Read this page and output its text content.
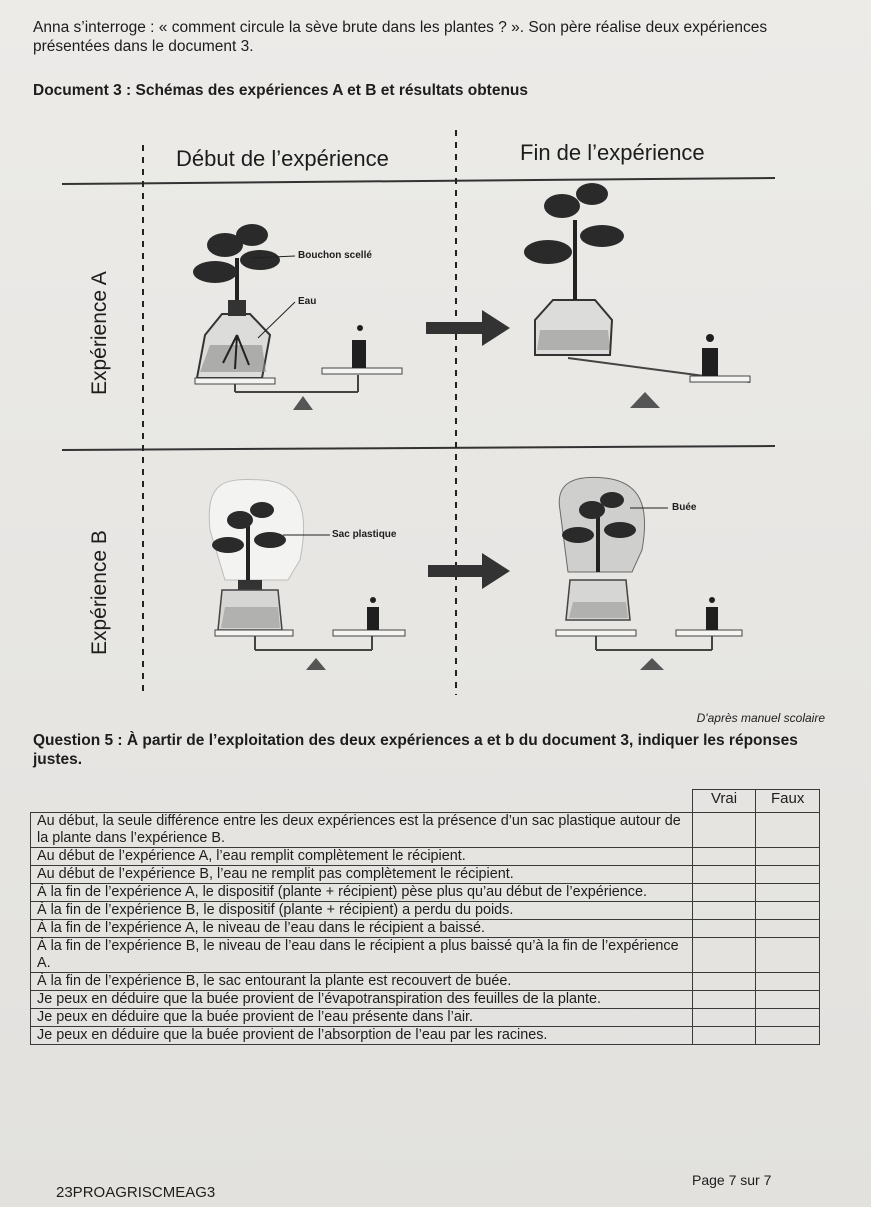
Anna s’interroge : « comment circule la sève brute dans les plantes ? ». Son père réalise deux expériences présentées dans le document 3.
Document 3 : Schémas des expériences A et B et résultats obtenus
Début de l’expérience	Fin de l’expérience
Expérience A
Expérience B
Bouchon scellé
Eau
Sac plastique
Buée
D'après manuel scolaire
Question 5 : À partir de l’exploitation des deux expériences a et b du document 3, indiquer les réponses justes.
	Vrai	Faux
Au début, la seule différence entre les deux expériences est la présence d’un sac plastique autour de la plante dans l’expérience B.		
Au début de l’expérience A, l’eau remplit complètement le récipient.		
Au début de l’expérience B, l’eau ne remplit pas complètement le récipient.		
À la fin de l’expérience A, le dispositif (plante + récipient) pèse plus qu’au début de l’expérience.		
À la fin de l’expérience B, le dispositif (plante + récipient) a perdu du poids.		
À la fin de l’expérience A, le niveau de l’eau dans le récipient a baissé.		
À la fin de l’expérience B, le niveau de l’eau dans le récipient a plus baissé qu’à la fin de l’expérience A.		
À la fin de l’expérience B, le sac entourant la plante est recouvert de buée.		
Je peux en déduire que la buée provient de l’évapotranspiration des feuilles de la plante.		
Je peux en déduire que la buée provient de l’eau présente dans l’air.		
Je peux en déduire que la buée provient de l’absorption de l’eau par les racines.		
23PROAGRISCMEAG3
Page 7 sur 7
